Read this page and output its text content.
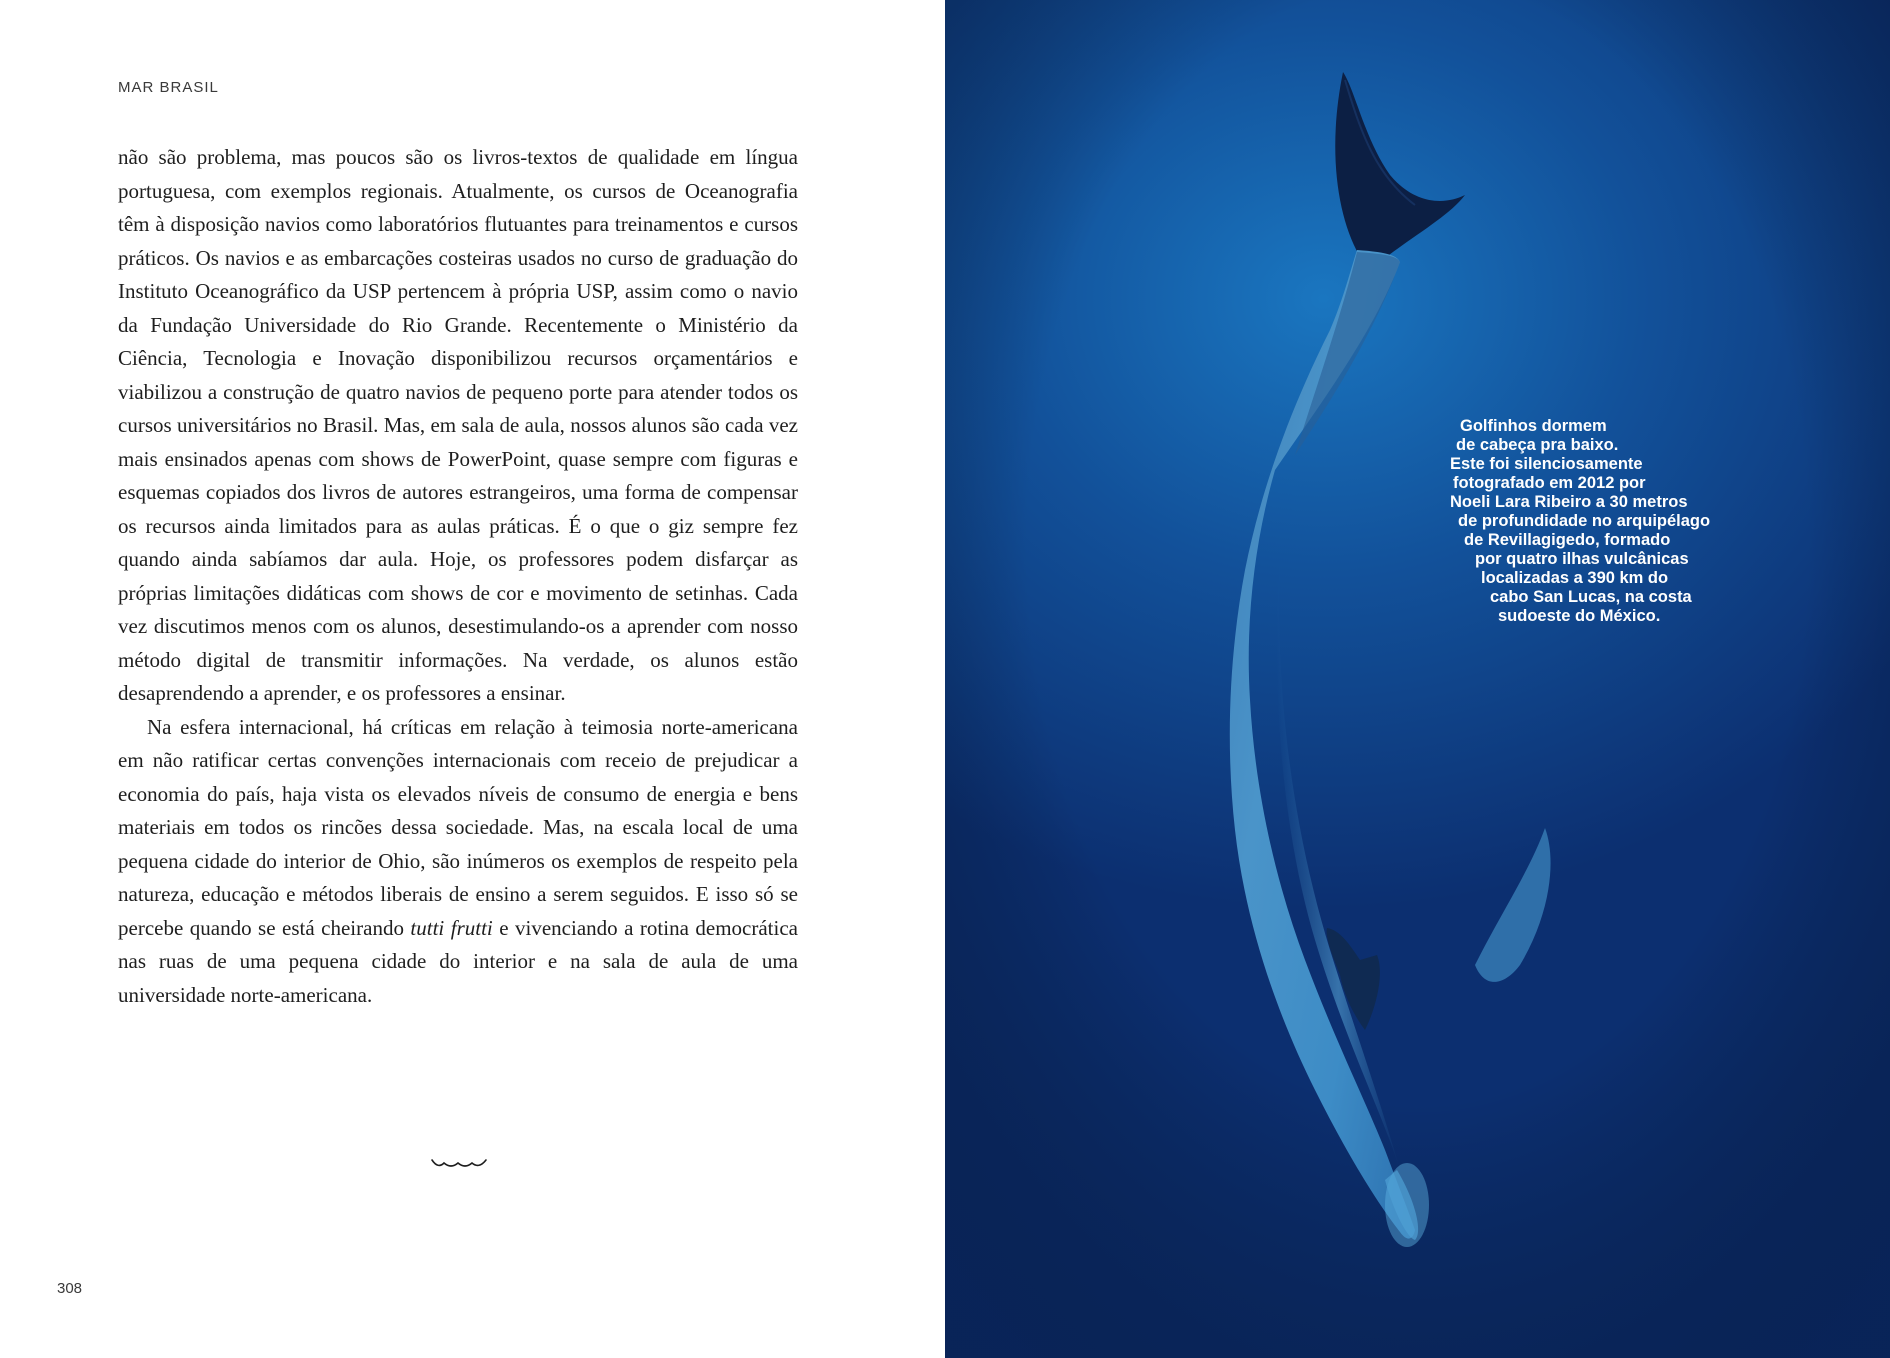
MAR BRASIL

não são problema, mas poucos são os livros-textos de qualidade em língua portuguesa, com exemplos regionais. Atualmente, os cursos de Oceanografia têm à disposição navios como laboratórios flutuantes para treinamentos e cursos práticos. Os navios e as embarcações costeiras usados no curso de graduação do Instituto Oceanográfico da USP pertencem à própria USP, assim como o navio da Fundação Universidade do Rio Grande. Recentemente o Ministério da Ciência, Tecnologia e Inovação disponibilizou recursos orçamentários e viabilizou a construção de quatro navios de pequeno porte para atender todos os cursos universitários no Brasil. Mas, em sala de aula, nossos alunos são cada vez mais ensinados apenas com shows de PowerPoint, quase sempre com figuras e esquemas copiados dos livros de autores estrangeiros, uma forma de compensar os recursos ainda limitados para as aulas práticas. É o que o giz sempre fez quando ainda sabíamos dar aula. Hoje, os professores podem disfarçar as próprias limitações didáticas com shows de cor e movimento de setinhas. Cada vez discutimos menos com os alunos, desestimulando-os a aprender com nosso método digital de transmitir informações. Na verdade, os alunos estão desaprendendo a aprender, e os professores a ensinar.

Na esfera internacional, há críticas em relação à teimosia norte-americana em não ratificar certas convenções internacionais com receio de prejudicar a economia do país, haja vista os elevados níveis de consumo de energia e bens materiais em todos os rincões dessa sociedade. Mas, na escala local de uma pequena cidade do interior de Ohio, são inúmeros os exemplos de respeito pela natureza, educação e métodos liberais de ensino a serem seguidos. E isso só se percebe quando se está cheirando tutti frutti e vivenciando a rotina democrática nas ruas de uma pequena cidade do interior e na sala de aula de uma universidade norte-americana.

308
Golfinhos dormem
de cabeça pra baixo.
Este foi silenciosamente
fotografado em 2012 por
Noeli Lara Ribeiro a 30 metros
de profundidade no arquipélago
de Revillagigedo, formado
por quatro ilhas vulcânicas
localizadas a 390 km do
cabo San Lucas, na costa
sudoeste do México.
